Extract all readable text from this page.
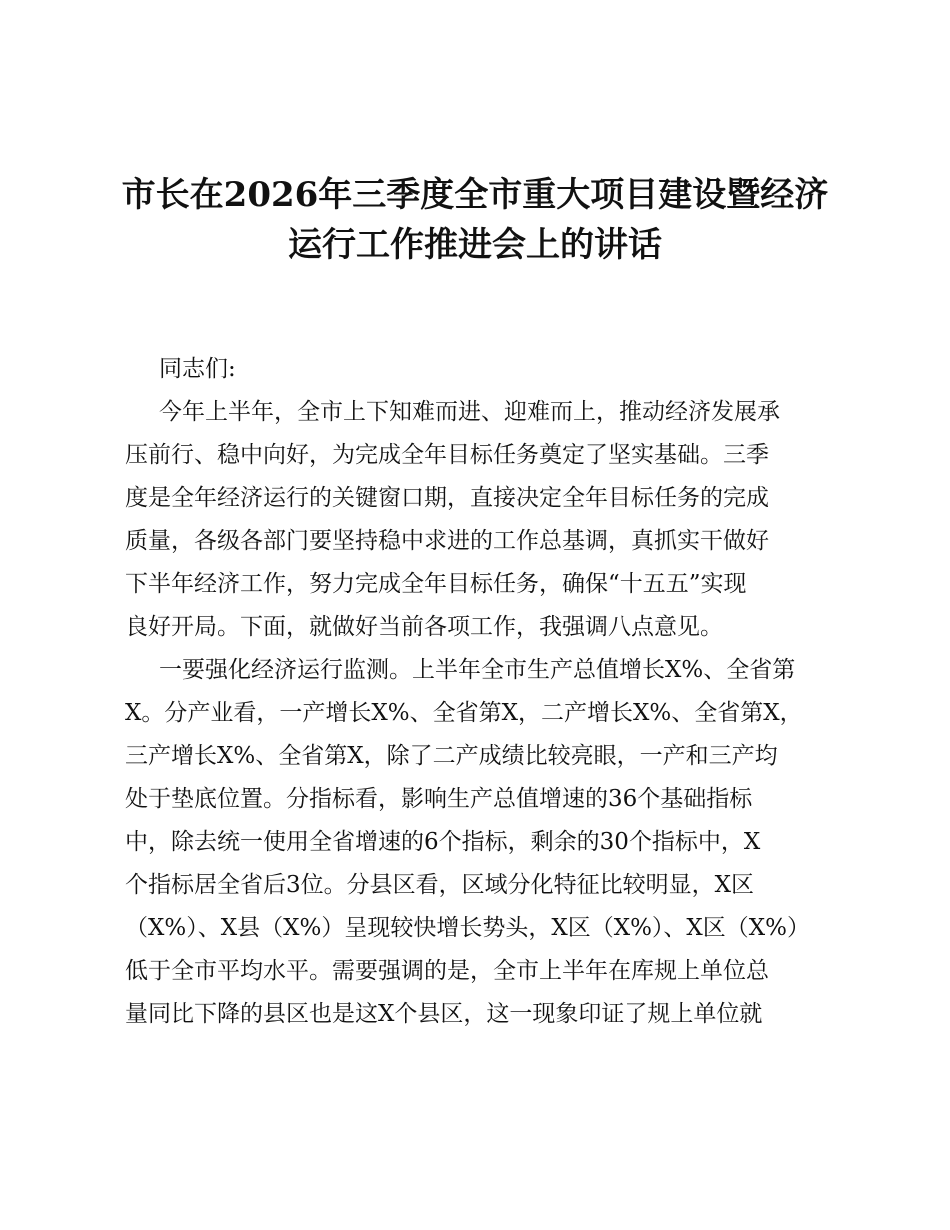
市长在2026年三季度全市重大项目建设暨经济
运行工作推进会上的讲话
同志们:
今年上半年，全市上下知难而进、迎难而上，推动经济发展承
压前行、稳中向好，为完成全年目标任务奠定了坚实基础。三季
度是全年经济运行的关键窗口期，直接决定全年目标任务的完成
质量，各级各部门要坚持稳中求进的工作总基调，真抓实干做好
下半年经济工作，努力完成全年目标任务，确保“十五五”实现
良好开局。下面，就做好当前各项工作，我强调八点意见。
一要强化经济运行监测。上半年全市生产总值增长X%、全省第
X。分产业看，一产增长X%、全省第X，二产增长X%、全省第X，
三产增长X%、全省第X，除了二产成绩比较亮眼，一产和三产均
处于垫底位置。分指标看，影响生产总值增速的36个基础指标
中，除去统一使用全省增速的6个指标，剩余的30个指标中，X
个指标居全省后3位。分县区看，区域分化特征比较明显，X区
（X%）、X县（X%）呈现较快增长势头，X区（X%）、X区（X%）
低于全市平均水平。需要强调的是，全市上半年在库规上单位总
量同比下降的县区也是这X个县区，这一现象印证了规上单位就
